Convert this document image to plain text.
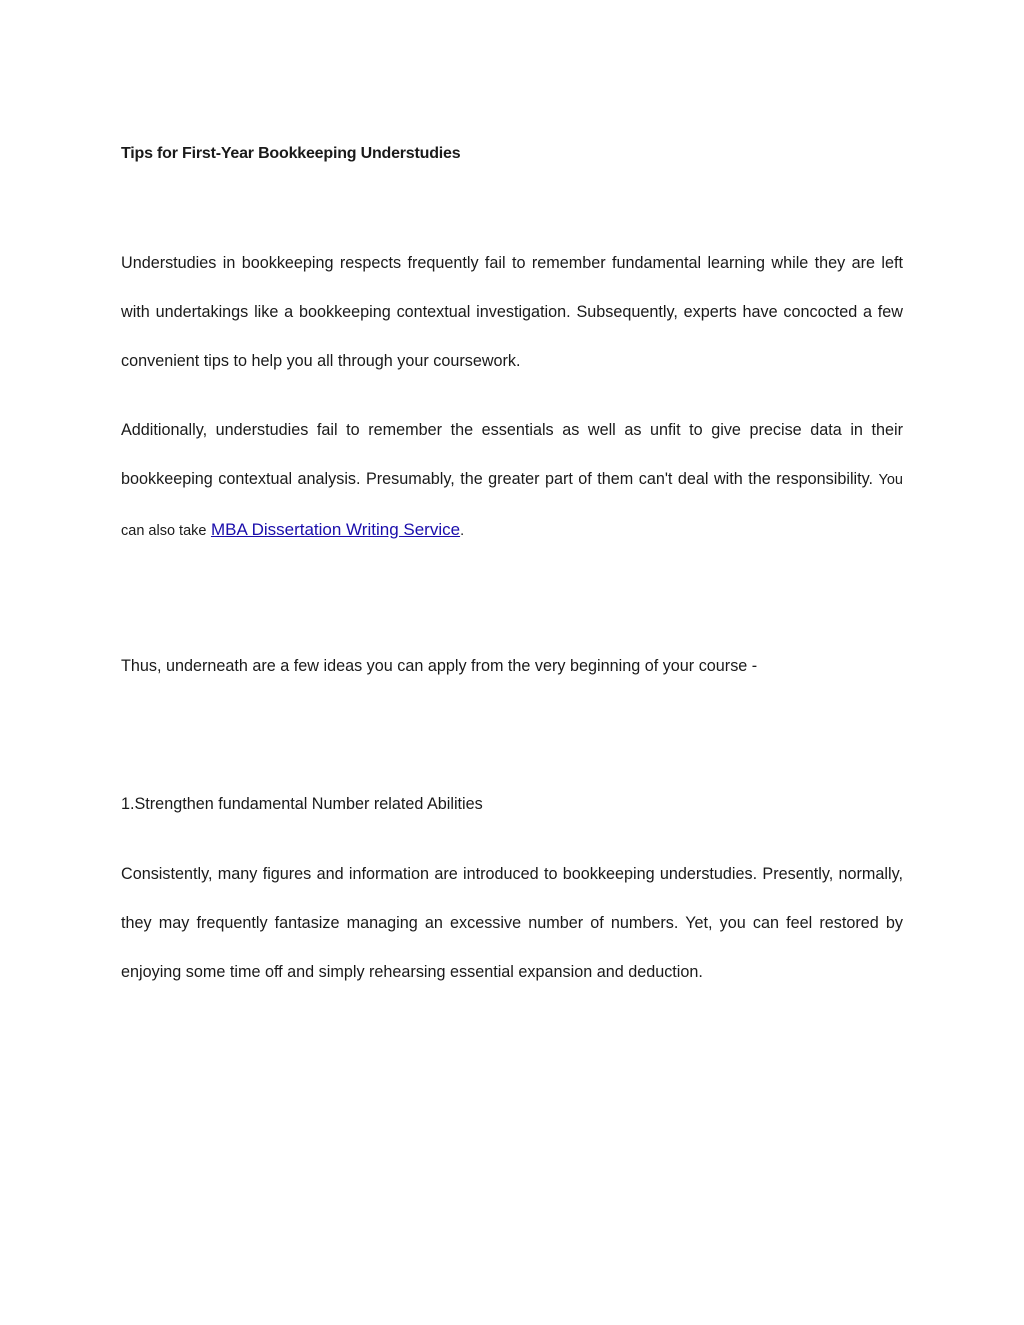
Tips for First-Year Bookkeeping Understudies

Understudies in bookkeeping respects frequently fail to remember fundamental learning while they are left with undertakings like a bookkeeping contextual investigation. Subsequently, experts have concocted a few convenient tips to help you all through your coursework.

Additionally, understudies fail to remember the essentials as well as unfit to give precise data in their bookkeeping contextual analysis. Presumably, the greater part of them can't deal with the responsibility. You can also take MBA Dissertation Writing Service.

Thus, underneath are a few ideas you can apply from the very beginning of your course -

1.Strengthen fundamental Number related Abilities

Consistently, many figures and information are introduced to bookkeeping understudies. Presently, normally, they may frequently fantasize managing an excessive number of numbers. Yet, you can feel restored by enjoying some time off and simply rehearsing essential expansion and deduction.
